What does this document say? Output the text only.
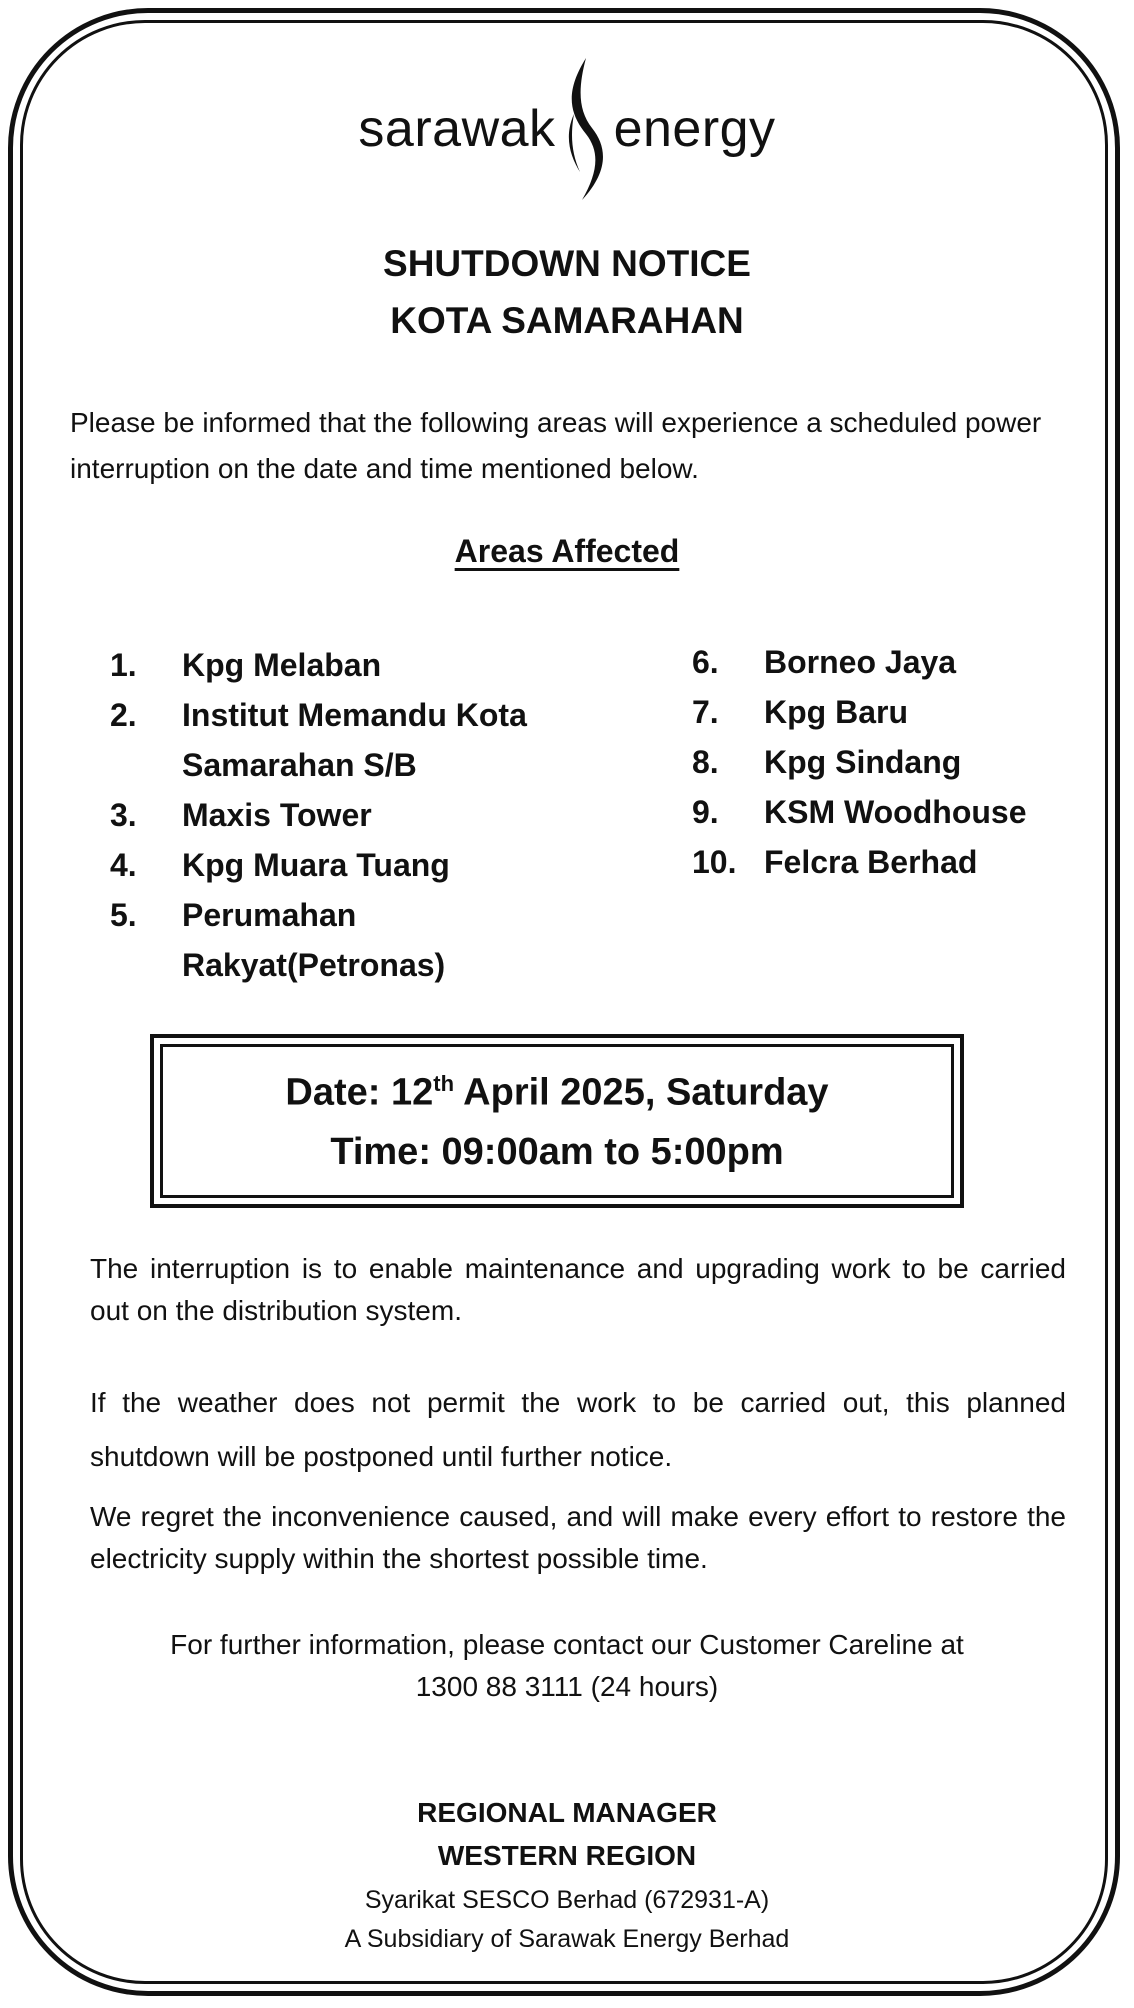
sarawak energy
SHUTDOWN NOTICE
KOTA SAMARAHAN
Please be informed that the following areas will experience a scheduled power interruption on the date and time mentioned below.
Areas Affected
1.	Kpg Melaban
2.	Institut Memandu Kota Samarahan S/B
3.	Maxis Tower
4.	Kpg Muara Tuang
5.	Perumahan Rakyat(Petronas)
6.	Borneo Jaya
7.	Kpg Baru
8.	Kpg Sindang
9.	KSM Woodhouse
10. Felcra Berhad
Date: 12th April 2025, Saturday
Time: 09:00am to 5:00pm
The interruption is to enable maintenance and upgrading work to be carried out on the distribution system.
If the weather does not permit the work to be carried out, this planned shutdown will be postponed until further notice.
We regret the inconvenience caused, and will make every effort to restore the electricity supply within the shortest possible time.
For further information, please contact our Customer Careline at
1300 88 3111 (24 hours)
REGIONAL MANAGER
WESTERN REGION
Syarikat SESCO Berhad (672931-A)
A Subsidiary of Sarawak Energy Berhad
